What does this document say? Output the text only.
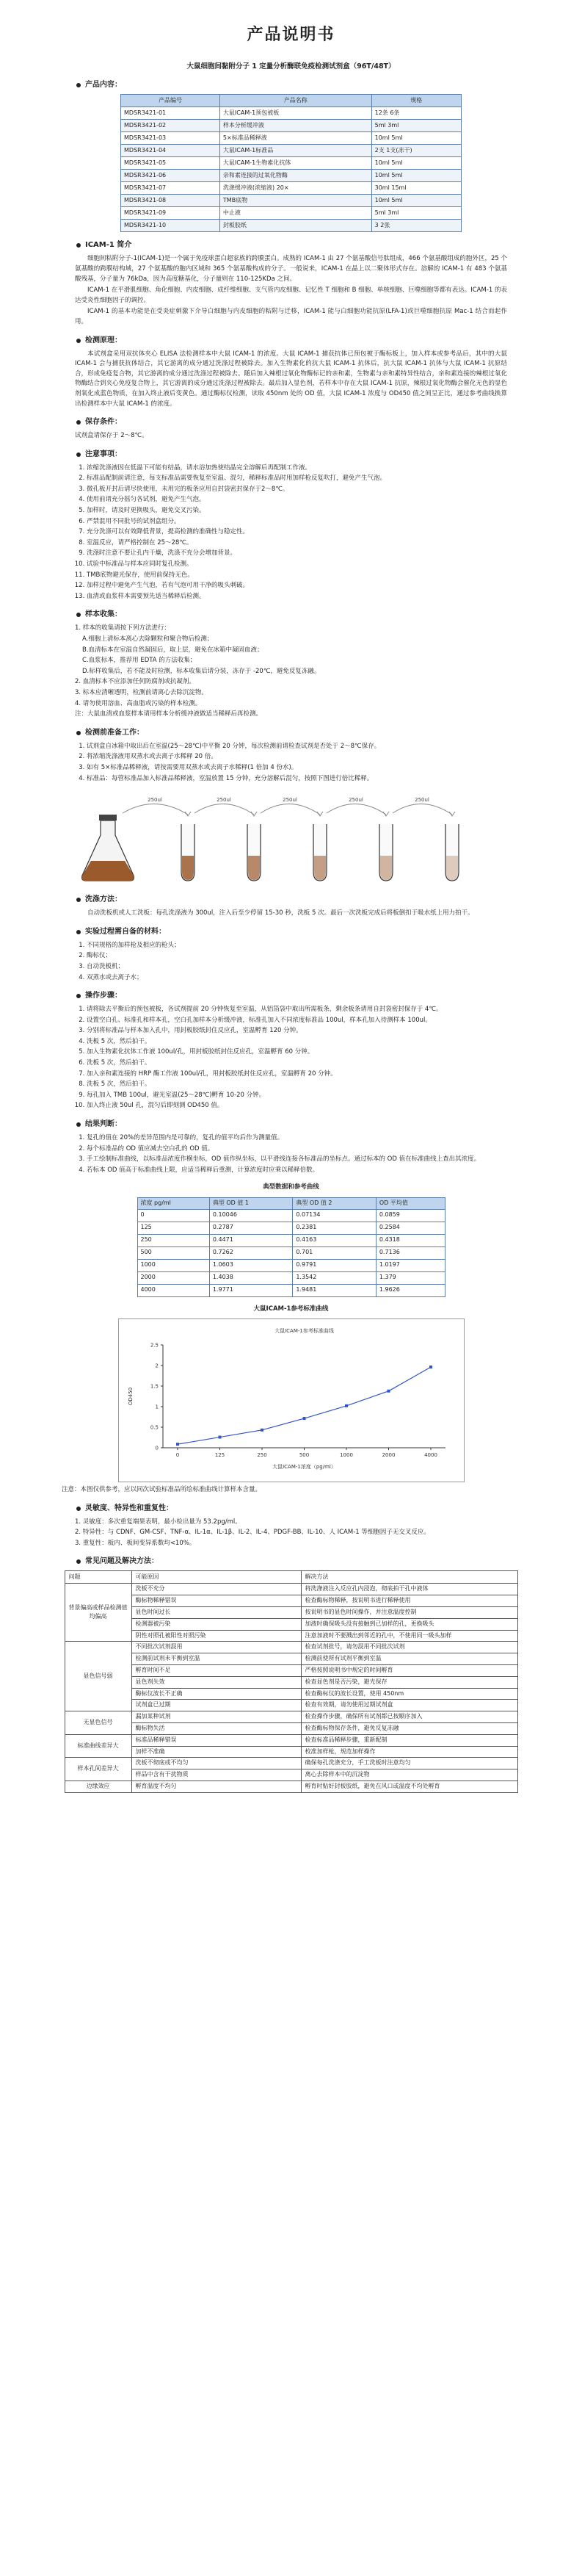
产品说明书
大鼠细胞间黏附分子 1 定量分析酶联免疫检测试剂盒（96T/48T）
产品内容：
产品编号	产品名称	规格
MDSR3421-01	大鼠ICAM-1预包被板	12条 6条
MDSR3421-02	样本分析缓冲液	5ml 3ml
MDSR3421-03	5×标准品稀释液	10ml 5ml
MDSR3421-04	大鼠ICAM-1标准品	2支 1支(冻干)
MDSR3421-05	大鼠ICAM-1生物素化抗体	10ml 5ml
MDSR3421-06	亲和素连接的过氧化物酶	10ml 5ml
MDSR3421-07	洗涤缓冲液(浓缩液) 20×	30ml 15ml
MDSR3421-08	TMB底物	10ml 5ml
MDSR3421-09	中止液	5ml 3ml
MDSR3421-10	封板胶纸	3 2张
ICAM-1 简介

细胞间粘附分子-1(ICAM-1)是一个属于免疫球蛋白超家族的跨膜蛋白。成熟的 ICAM-1 由 27 个氨基酸信号肽组成，466 个氨基酸组成的胞外区，25 个氨基酸的跨膜结构域，27 个氨基酸的胞内区域和 365 个氨基酸构成的分子。一般说来，ICAM-1 在晶上以二聚体形式存在。溶解的 ICAM-1 有 483 个氨基酸残基，分子量为 76kDa，因为高度糖基化，分子量则在 110-125KDa 之间。

ICAM-1 在平滑肌细胞、角化细胞、内皮细胞、成纤维细胞、支气管内皮细胞、记忆性 T 细胞和 B 细胞、单核细胞、巨噬细胞等都有表达。ICAM-1 的表达受炎性细胞因子的调控。

ICAM-1 的基本功能是在受炎症刺激下介导白细胞与内皮细胞的粘附与迁移，ICAM-1 能与白细胞功能抗原(LFA-1)或巨噬细胞抗原 Mac-1 结合而起作用。

检测原理：

本试剂盒采用双抗体夹心 ELISA 法检测样本中大鼠 ICAM-1 的浓度。大鼠 ICAM-1 捕获抗体已预包被于酶标板上，加入样本或参考品后，其中的大鼠 ICAM-1 会与捕获抗体结合，其它游离的成分通过洗涤过程被除去。加入生物素化的抗大鼠 ICAM-1 抗体后，抗大鼠 ICAM-1 抗体与大鼠 ICAM-1 抗原结合，形成免疫复合物，其它游离的成分通过洗涤过程被除去。随后加入辣根过氧化物酶标记的亲和素，生物素与亲和素特异性结合，亲和素连接的辣根过氧化物酶结合到夹心免疫复合物上，其它游离的成分通过洗涤过程被除去。最后加入显色剂，若样本中存在大鼠 ICAM-1 抗原，辣根过氧化物酶会催化无色的显色剂氧化成蓝色物质，在加入终止液后变黄色。通过酶标仪检测，读取 450nm 处的 OD 值，大鼠 ICAM-1 浓度与 OD450 值之间呈正比，通过参考曲线换算出检测样本中大鼠 ICAM-1 的浓度。

保存条件：

试剂盒请保存于 2～8℃。

注意事项：
1. 浓缩洗涤液因在低温下可能有结晶，请水浴加热使结晶完全溶解后再配制工作液。
2. 标准品配制前请注意，每支标准品需要恢复至室温、混匀，稀释标准品时用加样枪反复吹打，避免产生气泡。
3. 微孔板开封后请尽快使用，未用完的板条应用自封袋密封保存于2～8℃。
4. 使用前请充分摇匀各试剂，避免产生气泡。
5. 加样时，请及时更换吸头，避免交叉污染。
6. 严禁混用不同批号的试剂盒组分。
7. 充分洗涤可以有效降低背景，提高检测的准确性与稳定性。
8. 室温反应，请严格控制在 25～28℃。
9. 洗涤时注意不要让孔内干燥，洗涤不充分会增加背景。
10. 试验中标准品与样本应同时复孔检测。
11. TMB底物避光保存，使用前保持无色。
12. 加样过程中避免产生气泡，若有气泡可用干净的吸头刺破。
13. 血清或血浆样本需要预先适当稀释后检测。
样本收集：

1. 样本的收集请按下列方法进行：

A.细胞上清标本离心去除颗粒和聚合物后检测；

B.血清标本在室温自然凝固后，取上层，避免在冰箱中凝固血液；

C.血浆标本，推荐用 EDTA 的方法收集；

D.标样收集后，若不能及时检测，标本收集后请分装，冻存于 -20℃，避免反复冻融。

2. 血清标本不应添加任何防腐剂或抗凝剂。

3. 标本应清晰透明，检测前请离心去除沉淀物。

4. 请勿使用溶血、高血脂或污染的样本检测。

注：大鼠血清或血浆样本请用样本分析缓冲液做适当稀释后再检测。

检测前准备工作：
1. 试剂盒自冰箱中取出后在室温(25～28℃)中平衡 20 分钟，每次检测前请检查试剂是否处于 2～8℃保存。
2. 将浓缩洗涤液用双蒸水或去离子水稀释 20 倍。
3. 如有 5×标准品稀释液，请按需要用双蒸水或去离子水稀释(1 倍加 4 份水)。
4. 标准品：每管标准品加入标准品稀释液，室温放置 15 分钟，充分溶解后混匀，按照下图进行倍比稀释。
250ul	250ul	250ul	250ul	250ul
洗涤方法：

自动洗板机或人工洗板：每孔洗涤液为 300ul，注入后至少停留 15-30 秒，洗板 5 次。最后一次洗板完成后将板倒扣于吸水纸上用力拍干。

实验过程需自备的材料：
1. 不同规格的加样枪及相应的枪头；
2. 酶标仪；
3. 自动洗板机；
4. 双蒸水或去离子水；
操作步骤：
1. 请将除去平衡后的预包被板，各试剂提前 20 分钟恢复至室温，从铝箔袋中取出所需板条，剩余板条请用自封袋密封保存于 4℃。
2. 设置空白孔、标准孔和样本孔，空白孔加样本分析缓冲液，标准孔加入不同浓度标准品 100ul，样本孔加入待测样本 100ul。
3. 分别将标准品与样本加入孔中，用封板胶纸封住反应孔，室温孵育 120 分钟。
4. 洗板 5 次，然后拍干。
5. 加入生物素化抗体工作液 100ul/孔，用封板胶纸封住反应孔，室温孵育 60 分钟。
6. 洗板 5 次，然后拍干。
7. 加入亲和素连接的 HRP 酶工作液 100ul/孔，用封板胶纸封住反应孔，室温孵育 20 分钟。
8. 洗板 5 次，然后拍干。
9. 每孔加入 TMB 100ul，避光室温(25～28℃)孵育 10-20 分钟。
10. 加入终止液 50ul 孔，混匀后即刻测 OD450 值。
结果判断：
1. 复孔的值在 20%的差异范围内是可靠的，复孔的值平均后作为测量值。
2. 每个标准品的 OD 值应减去空白孔的 OD 值。
3. 手工绘制标准曲线，以标准品浓度作横坐标，OD 值作纵坐标，以平滑线连接各标准品的坐标点。通过标本的 OD 值在标准曲线上查出其浓度。
4. 若标本 OD 值高于标准曲线上限，应适当稀释后重测，计算浓度时应乘以稀释倍数。
典型数据和参考曲线
浓度 pg/ml	典型 OD 值 1	典型 OD 值 2	OD 平均值
0	0.10046	0.07134	0.0859
125	0.2787	0.2381	0.2584
250	0.4471	0.4163	0.4318
500	0.7262	0.701	0.7136
1000	1.0603	0.9791	1.0197
2000	1.4038	1.3542	1.379
4000	1.9771	1.9481	1.9626
大鼠ICAM-1参考标准曲线
大鼠ICAM-1参考标准曲线
0
0.5
1
1.5
2
2.5
0	125	250	500	1000	2000	4000
大鼠ICAM-1浓度（pg/ml）
OD450

注意：本图仅供参考，应以同次试验标准品所绘标准曲线计算样本含量。

灵敏度、特异性和重复性：

1. 灵敏度：多次重复端果表明，最小检出量为 53.2pg/ml。

2. 特异性：与 CDNF、GM-CSF、TNF-α、IL-1α、IL-1β、IL-2、IL-4、PDGF-BB、IL-10、人 ICAM-1 等细胞因子无交叉反应。

3. 重复性：板内、板间变异系数均<10%。

常见问题及解决方法：
问题	可能原因	解决方法
背景偏高或样品检测值均偏高	洗板不充分	将洗涤液注入反应孔内浸泡，彻底拍干孔中液体
	酶标物稀释错误	检查酶标物稀释，按说明书进行稀释使用
	显色时间过长	按说明书的显色时间操作，并注意温度控制
	检测器被污染	加液时确保吸头没有接触到已加样的孔，更换吸头
	阴性对照孔被阳性对照污染	注意加液时不要溅出到邻近的孔中，不使用同一吸头加样
显色信号弱	不同批次试剂混用	检查试剂批号，请勿混用不同批次试剂
	检测前试剂未平衡到室温	检测前使所有试剂平衡到室温
	孵育时间不足	严格按照说明书中规定的时间孵育
	显色剂失效	检查显色剂是否污染，避光保存
	酶标仪波长不正确	检查酶标仪的波长设置，使用 450nm
	试剂盒已过期	检查有效期，请勿使用过期试剂盒
无显色信号	漏加某种试剂	检查操作步骤，确保所有试剂都已按顺序加入
	酶标物失活	检查酶标物保存条件，避免反复冻融
标准曲线差异大	标准品稀释错误	检查标准品稀释步骤，重新配制
	加样不准确	校准加样枪，规范加样操作
样本孔间差异大	洗板不彻底或不均匀	确保每孔洗涤充分，手工洗板时注意均匀
	样品中含有干扰物质	离心去除样本中的沉淀物
边缘效应	孵育温度不均匀	孵育时贴好封板胶纸，避免在风口或温度不均处孵育
